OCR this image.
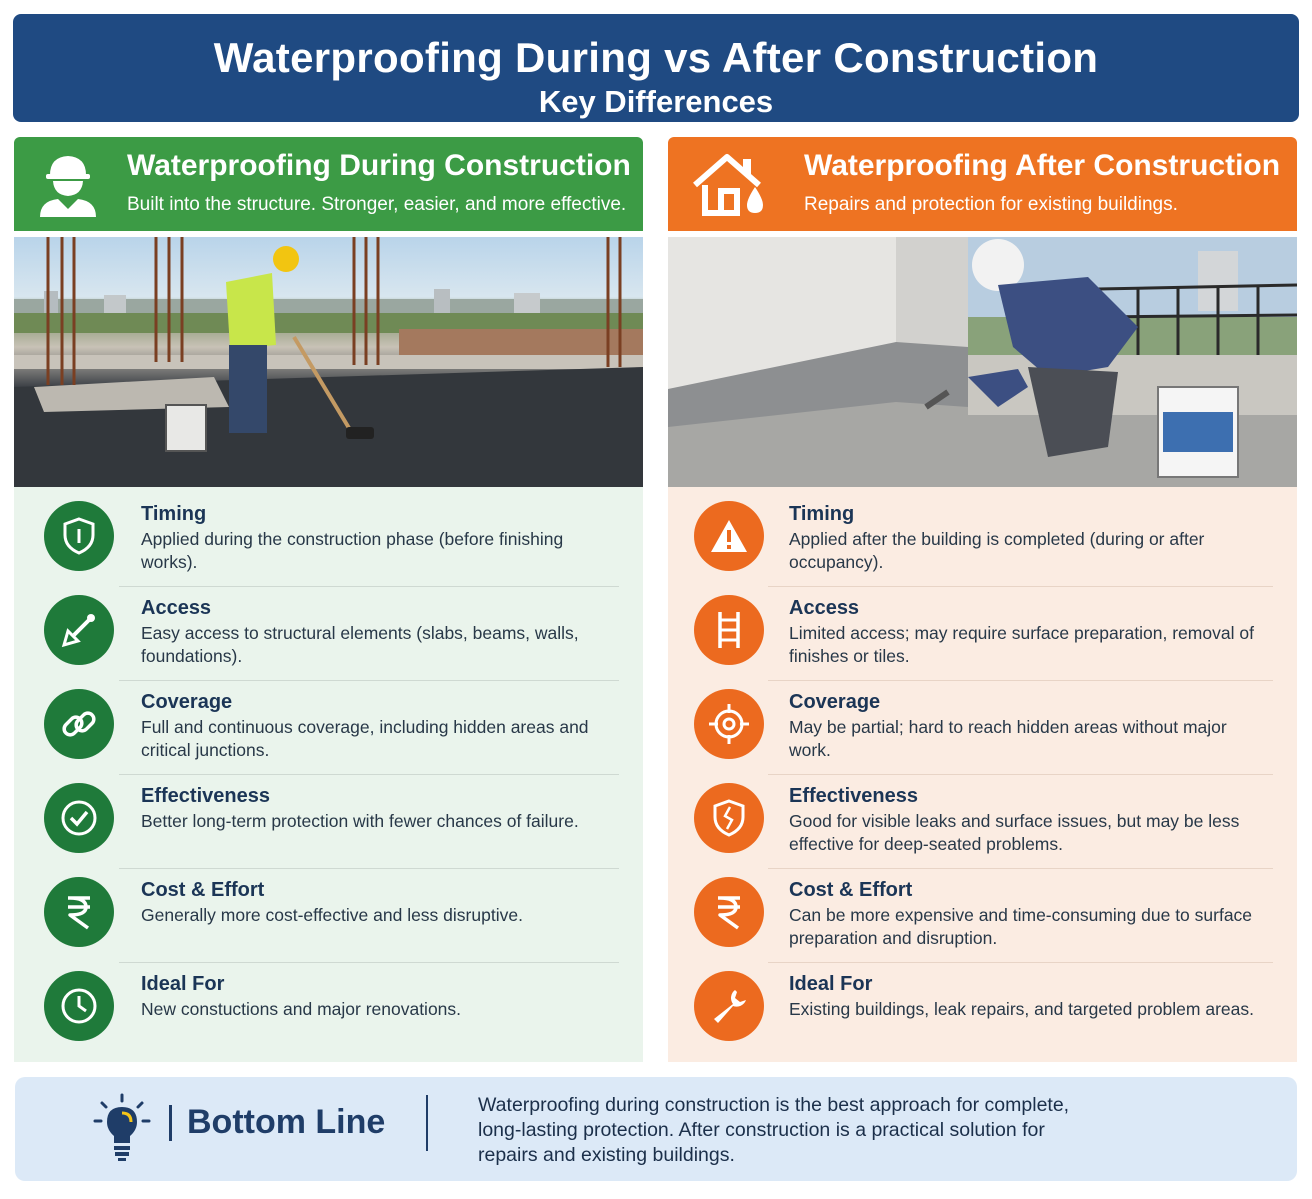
Waterproofing During vs After Construction
Key Differences
Waterproofing During Construction
Built into the structure. Stronger, easier, and more effective.
Timing
Applied during the construction phase (before finishing works).
Access
Easy access to structural elements (slabs, beams, walls, foundations).
Coverage
Full and continuous coverage, including hidden areas and critical junctions.
Effectiveness
Better long-term protection with fewer chances of failure.
Cost & Effort
Generally more cost-effective and less disruptive.
Ideal For
New constuctions and major renovations.
Waterproofing After Construction
Repairs and protection for existing buildings.
Timing
Applied after the building is completed (during or after occupancy).
Access
Limited access; may require surface preparation, removal of finishes or tiles.
Coverage
May be partial; hard to reach hidden areas without major work.
Effectiveness
Good for visible leaks and surface issues, but may be less effective for deep-seated problems.
Cost & Effort
Can be more expensive and time-consuming due to surface preparation and disruption.
Ideal For
Existing buildings, leak repairs, and targeted problem areas.
Bottom Line	Waterproofing during construction is the best approach for complete, long-lasting protection. After construction is a practical solution for repairs and existing buildings.
